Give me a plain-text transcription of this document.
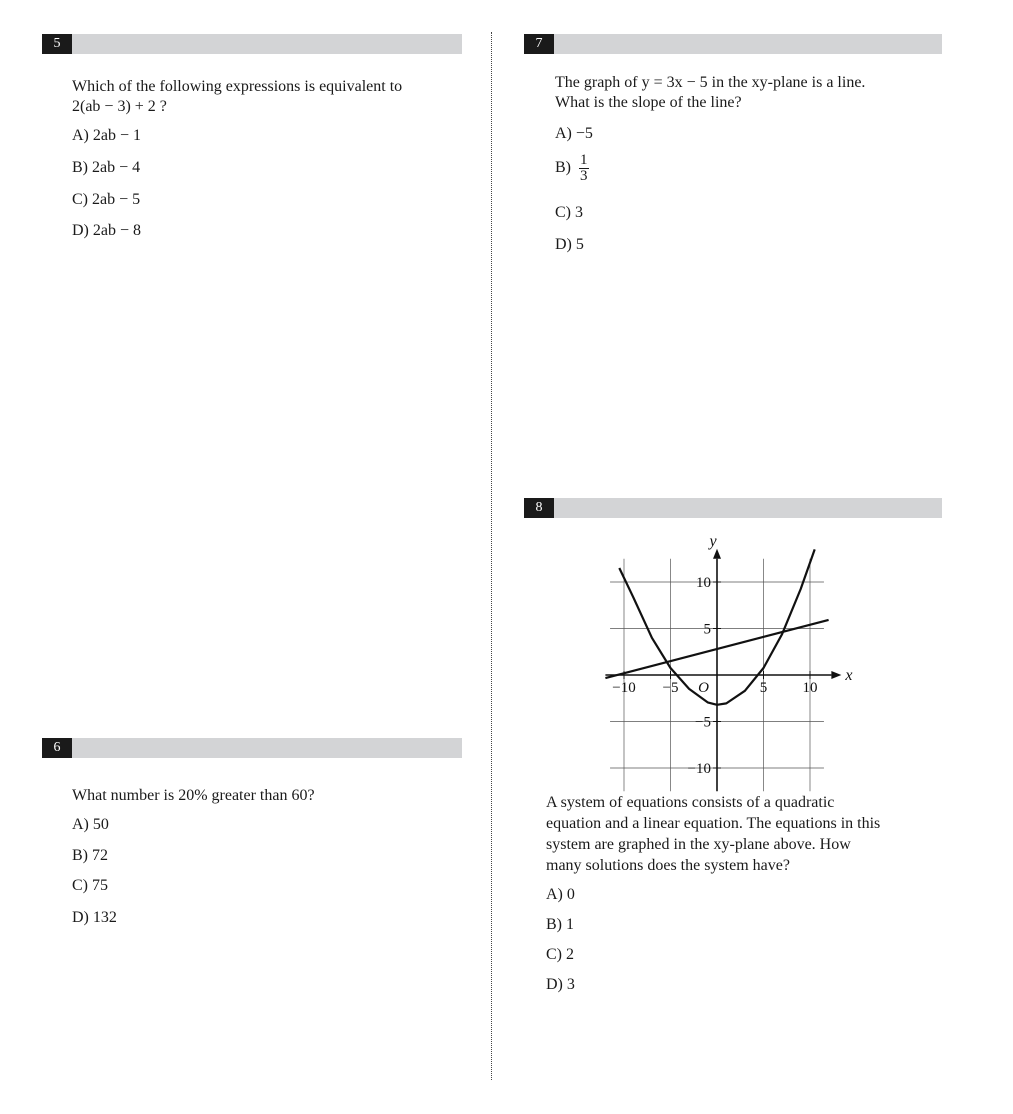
5
Which of the following expressions is equivalent to
2(ab − 3) + 2 ?
A) 2ab − 1
B) 2ab − 4
C) 2ab − 5
D) 2ab − 8
6
What number is 20% greater than 60?
A) 50
B) 72
C) 75
D) 132
7
The graph of y = 3x − 5 in the xy-plane is a line.
What is the slope of the line?
A) −5
$B) \frac{1}{3}$
C) 3
D) 5
8
−10 −5	5 10
10
5
−5
−10
O
x
y
A system of equations consists of a quadratic
equation and a linear equation. The equations in this
system are graphed in the xy-plane above. How
many solutions does the system have?
A) 0
B) 1
C) 2
D) 3
